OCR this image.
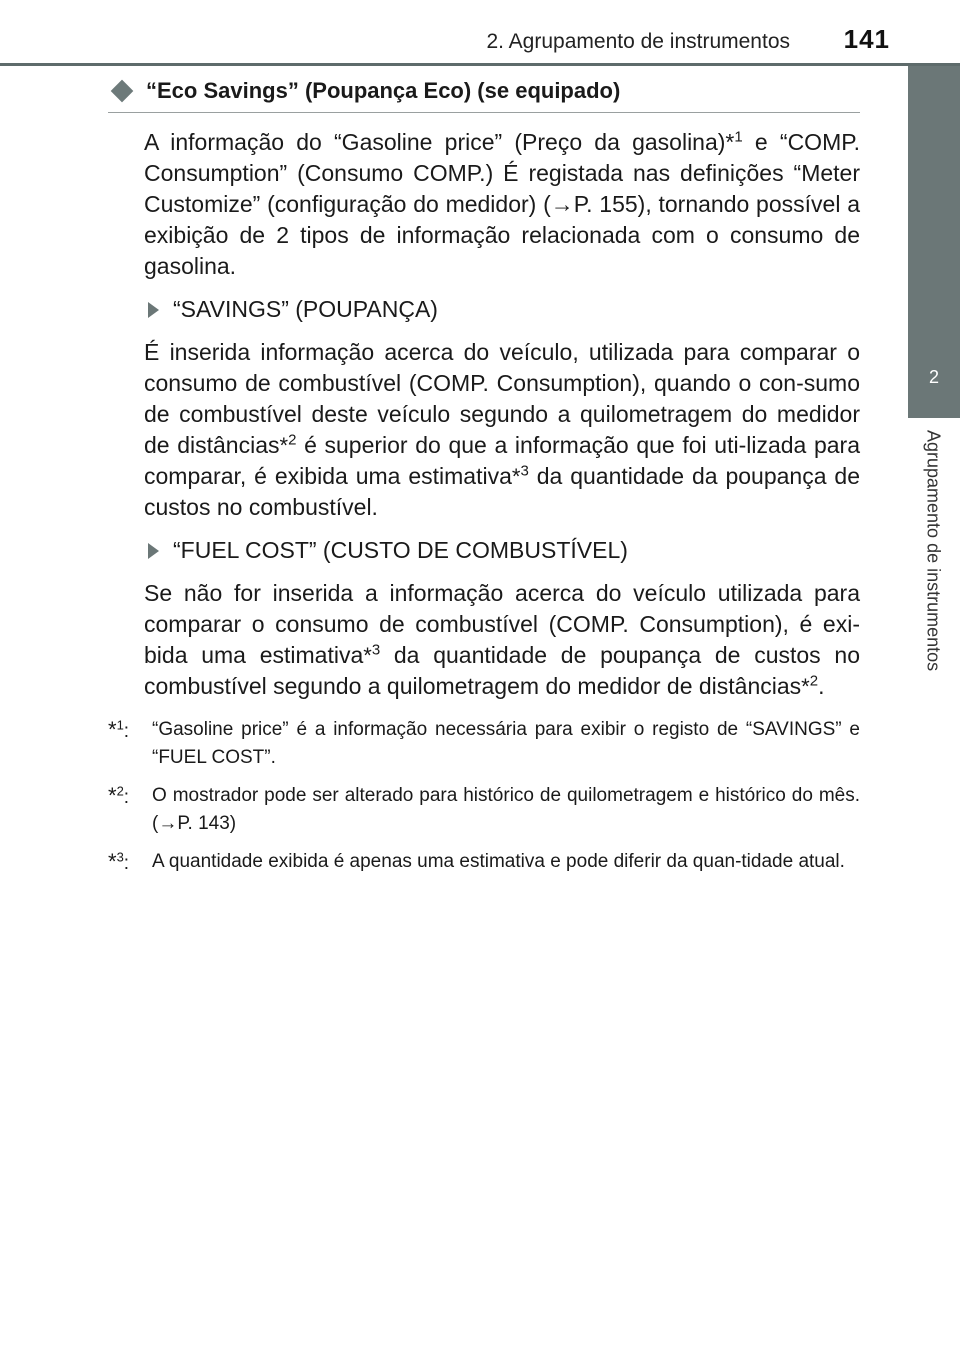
2. Agrupamento de instrumentos 141
2
Agrupamento de instrumentos
“Eco Savings” (Poupança Eco) (se equipado)

A informação do “Gasoline price” (Preço da gasolina)*$^1$ e “COMP. Consumption” (Consumo COMP.) É registada nas definições “Meter Customize” (configuração do medidor) (→P. 155), tornando possível a exibição de 2 tipos de informação relacionada com o consumo de gasolina.

“SAVINGS” (POUPANÇA)

É inserida informação acerca do veículo, utilizada para comparar o consumo de combustível (COMP. Consumption), quando o con-sumo de combustível deste veículo segundo a quilometragem do medidor de distâncias*$^2$ é superior do que a informação que foi uti-lizada para comparar, é exibida uma estimativa*$^3$ da quantidade da poupança de custos no combustível.

“FUEL COST” (CUSTO DE COMBUSTÍVEL)

Se não for inserida a informação acerca do veículo utilizada para comparar o consumo de combustível (COMP. Consumption), é exi-bida uma estimativa*$^3$ da quantidade de poupança de custos no combustível segundo a quilometragem do medidor de distâncias*$^2$.

*$^1$:	“Gasoline price” é a informação necessária para exibir o registo de “SAVINGS” e “FUEL COST”.
*$^2$:	O mostrador pode ser alterado para histórico de quilometragem e histórico do mês. (→P. 143)
*$^3$:	A quantidade exibida é apenas uma estimativa e pode diferir da quan-tidade atual.
